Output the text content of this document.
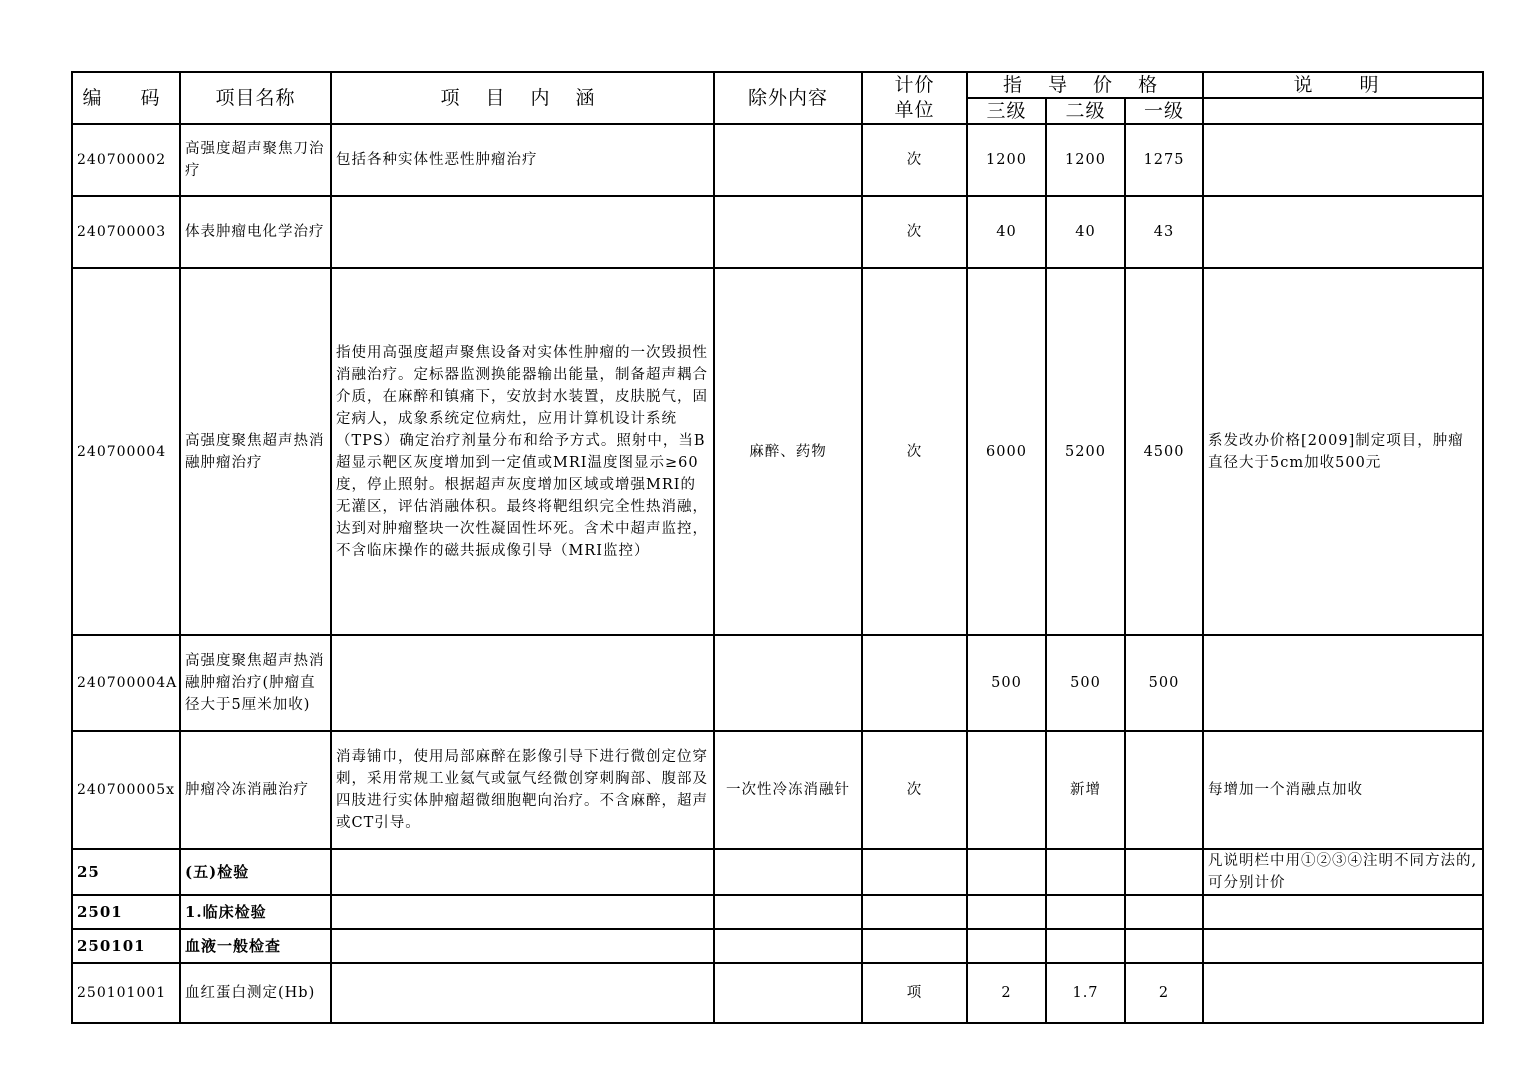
编　码	项目名称	项 目 内 涵	除外内容	计价单位	指 导 价 格			说　明
					三级	二级	一级	
240700002	高强度超声聚焦刀治疗	包括各种实体性恶性肿瘤治疗		次	1200	1200	1275	
240700003	体表肿瘤电化学治疗			次	40	40	43	
240700004	高强度聚焦超声热消融肿瘤治疗	指使用高强度超声聚焦设备对实体性肿瘤的一次毁损性消融治疗。定标器监测换能器输出能量，制备超声耦合介质，在麻醉和镇痛下，安放封水装置，皮肤脱气，固定病人，成象系统定位病灶，应用计算机设计系统（TPS）确定治疗剂量分布和给予方式。照射中，当B超显示靶区灰度增加到一定值或MRI温度图显示≥60度，停止照射。根据超声灰度增加区域或增强MRI的无灌区，评估消融体积。最终将靶组织完全性热消融，达到对肿瘤整块一次性凝固性坏死。含术中超声监控，不含临床操作的磁共振成像引导（MRI监控）	麻醉、药物	次	6000	5200	4500	系发改办价格[2009]制定项目，肿瘤直径大于5cm加收500元
240700004A	高强度聚焦超声热消融肿瘤治疗(肿瘤直径大于5厘米加收)				500	500	500	
240700005x	肿瘤冷冻消融治疗	消毒铺巾，使用局部麻醉在影像引导下进行微创定位穿刺，采用常规工业氦气或氩气经微创穿刺胸部、腹部及四肢进行实体肿瘤超微细胞靶向治疗。不含麻醉，超声或CT引导。	一次性冷冻消融针	次		新增		每增加一个消融点加收
25	(五)检验							凡说明栏中用①②③④注明不同方法的,可分别计价
2501	1.临床检验							
250101	血液一般检查							
250101001	血红蛋白测定(Hb)			项	2	1.7	2	
